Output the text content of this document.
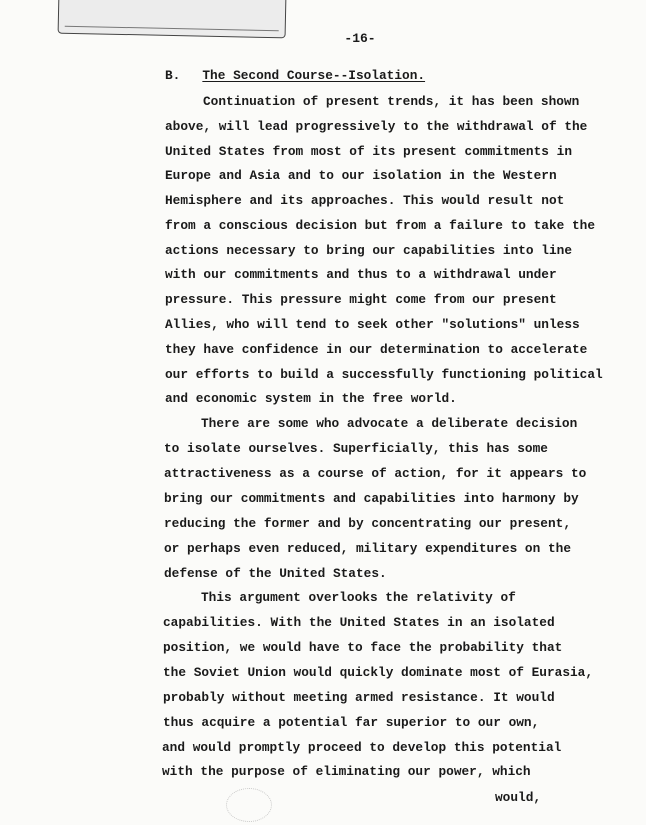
-16-
B. The Second Course--Isolation.
Continuation of present trends, it has been shown
above, will lead progressively to the withdrawal of the
United States from most of its present commitments in
Europe and Asia and to our isolation in the Western
Hemisphere and its approaches. This would result not
from a conscious decision but from a failure to take the
actions necessary to bring our capabilities into line
with our commitments and thus to a withdrawal under
pressure. This pressure might come from our present
Allies, who will tend to seek other "solutions" unless
they have confidence in our determination to accelerate
our efforts to build a successfully functioning political
and economic system in the free world.
There are some who advocate a deliberate decision
to isolate ourselves. Superficially, this has some
attractiveness as a course of action, for it appears to
bring our commitments and capabilities into harmony by
reducing the former and by concentrating our present,
or perhaps even reduced, military expenditures on the
defense of the United States.
This argument overlooks the relativity of
capabilities. With the United States in an isolated
position, we would have to face the probability that
the Soviet Union would quickly dominate most of Eurasia,
probably without meeting armed resistance. It would
thus acquire a potential far superior to our own,
and would promptly proceed to develop this potential
with the purpose of eliminating our power, which
would,
